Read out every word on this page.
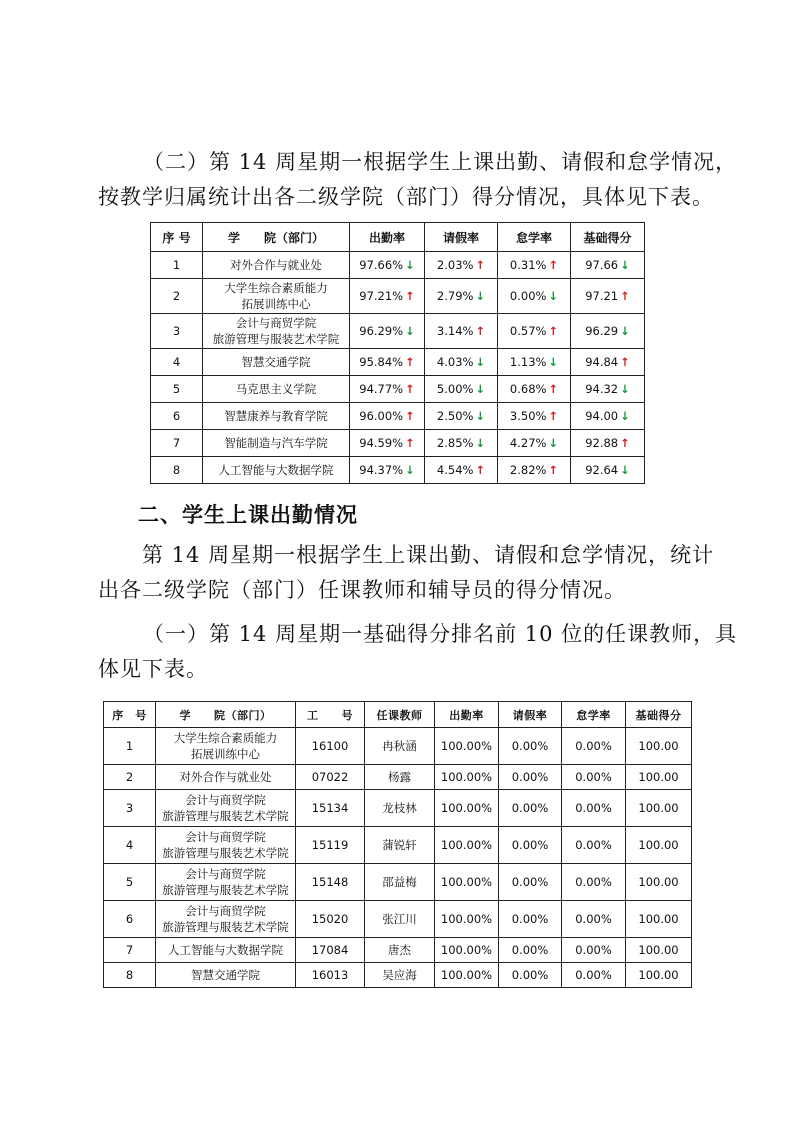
（二）第 14 周星期一根据学生上课出勤、请假和怠学情况，
按教学归属统计出各二级学院（部门）得分情况，具体见下表。
序 号	学　　院（部门）	出勤率	请假率	怠学率	基础得分
1	对外合作与就业处	97.66% ↓	2.03% ↑	0.31% ↑	97.66 ↓
2	大学生综合素质能力
拓展训练中心	97.21% ↑	2.79% ↓	0.00% ↓	97.21 ↑
3	会计与商贸学院
旅游管理与服装艺术学院	96.29% ↓	3.14% ↑	0.57% ↑	96.29 ↓
4	智慧交通学院	95.84% ↑	4.03% ↓	1.13% ↓	94.84 ↑
5	马克思主义学院	94.77% ↑	5.00% ↓	0.68% ↑	94.32 ↓
6	智慧康养与教育学院	96.00% ↑	2.50% ↓	3.50% ↑	94.00 ↓
7	智能制造与汽车学院	94.59% ↑	2.85% ↓	4.27% ↓	92.88 ↑
8	人工智能与大数据学院	94.37% ↓	4.54% ↑	2.82% ↑	92.64 ↓
二、学生上课出勤情况
第 14 周星期一根据学生上课出勤、请假和怠学情况，统计
出各二级学院（部门）任课教师和辅导员的得分情况。
（一）第 14 周星期一基础得分排名前 10 位的任课教师，具
体见下表。
序　号	学　　院（部门）	工　　号	任课教师	出勤率	请假率	怠学率	基础得分
1	大学生综合素质能力
拓展训练中心	16100	冉秋涵	100.00%	0.00%	0.00%	100.00
2	对外合作与就业处	07022	杨露	100.00%	0.00%	0.00%	100.00
3	会计与商贸学院
旅游管理与服装艺术学院	15134	龙枝林	100.00%	0.00%	0.00%	100.00
4	会计与商贸学院
旅游管理与服装艺术学院	15119	蒲锐轩	100.00%	0.00%	0.00%	100.00
5	会计与商贸学院
旅游管理与服装艺术学院	15148	邵益梅	100.00%	0.00%	0.00%	100.00
6	会计与商贸学院
旅游管理与服装艺术学院	15020	张江川	100.00%	0.00%	0.00%	100.00
7	人工智能与大数据学院	17084	唐杰	100.00%	0.00%	0.00%	100.00
8	智慧交通学院	16013	吴应海	100.00%	0.00%	0.00%	100.00
